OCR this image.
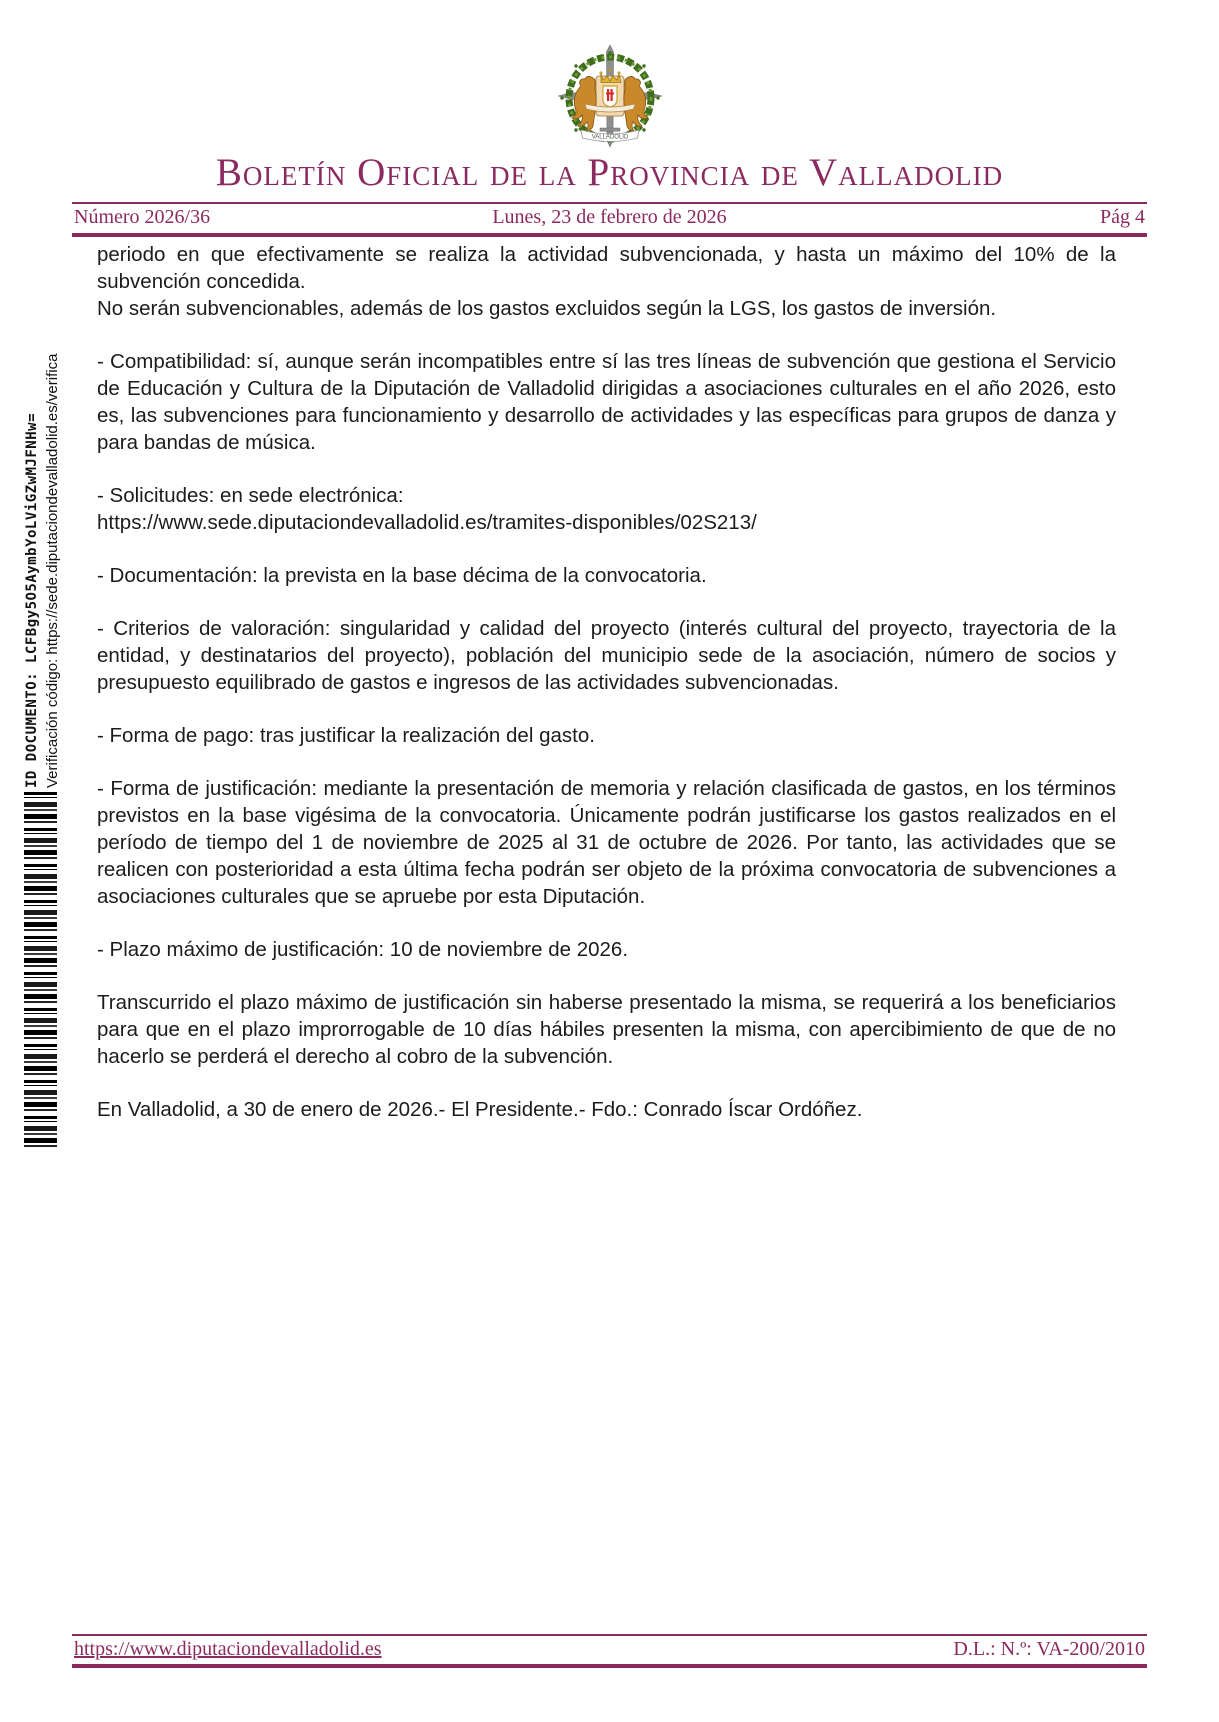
ID DOCUMENTO: LCFBgy5O5AymbYoLViGZwMJFNHw= Verificación código: https://sede.diputaciondevalladolid.es/verifica
VALLADOLID
Boletín Oficial de la Provincia de Valladolid
Número 2026/36	Lunes, 23 de febrero de 2026	Pág 4

periodo en que efectivamente se realiza la actividad subvencionada, y hasta un máximo del 10% de la subvención concedida.

No serán subvencionables, además de los gastos excluidos según la LGS, los gastos de inversión.

- Compatibilidad: sí, aunque serán incompatibles entre sí las tres líneas de subvención que gestiona el Servicio de Educación y Cultura de la Diputación de Valladolid dirigidas a asociaciones culturales en el año 2026, esto es, las subvenciones para funcionamiento y desarrollo de actividades y las específicas para grupos de danza y para bandas de música.

- Solicitudes: en sede electrónica:

https://www.sede.diputaciondevalladolid.es/tramites-disponibles/02S213/

- Documentación: la prevista en la base décima de la convocatoria.

- Criterios de valoración: singularidad y calidad del proyecto (interés cultural del proyecto, trayectoria de la entidad, y destinatarios del proyecto), población del municipio sede de la asociación, número de socios y presupuesto equilibrado de gastos e ingresos de las actividades subvencionadas.

- Forma de pago: tras justificar la realización del gasto.

- Forma de justificación: mediante la presentación de memoria y relación clasificada de gastos, en los términos previstos en la base vigésima de la convocatoria. Únicamente podrán justificarse los gastos realizados en el período de tiempo del 1 de noviembre de 2025 al 31 de octubre de 2026. Por tanto, las actividades que se realicen con posterioridad a esta última fecha podrán ser objeto de la próxima convocatoria de subvenciones a asociaciones culturales que se apruebe por esta Diputación.

- Plazo máximo de justificación: 10 de noviembre de 2026.

Transcurrido el plazo máximo de justificación sin haberse presentado la misma, se requerirá a los beneficiarios para que en el plazo improrrogable de 10 días hábiles presenten la misma, con apercibimiento de que de no hacerlo se perderá el derecho al cobro de la subvención.

En Valladolid, a 30 de enero de 2026.- El Presidente.- Fdo.: Conrado Íscar Ordóñez.

https://www.diputaciondevalladolid.es	D.L.: N.º: VA-200/2010
